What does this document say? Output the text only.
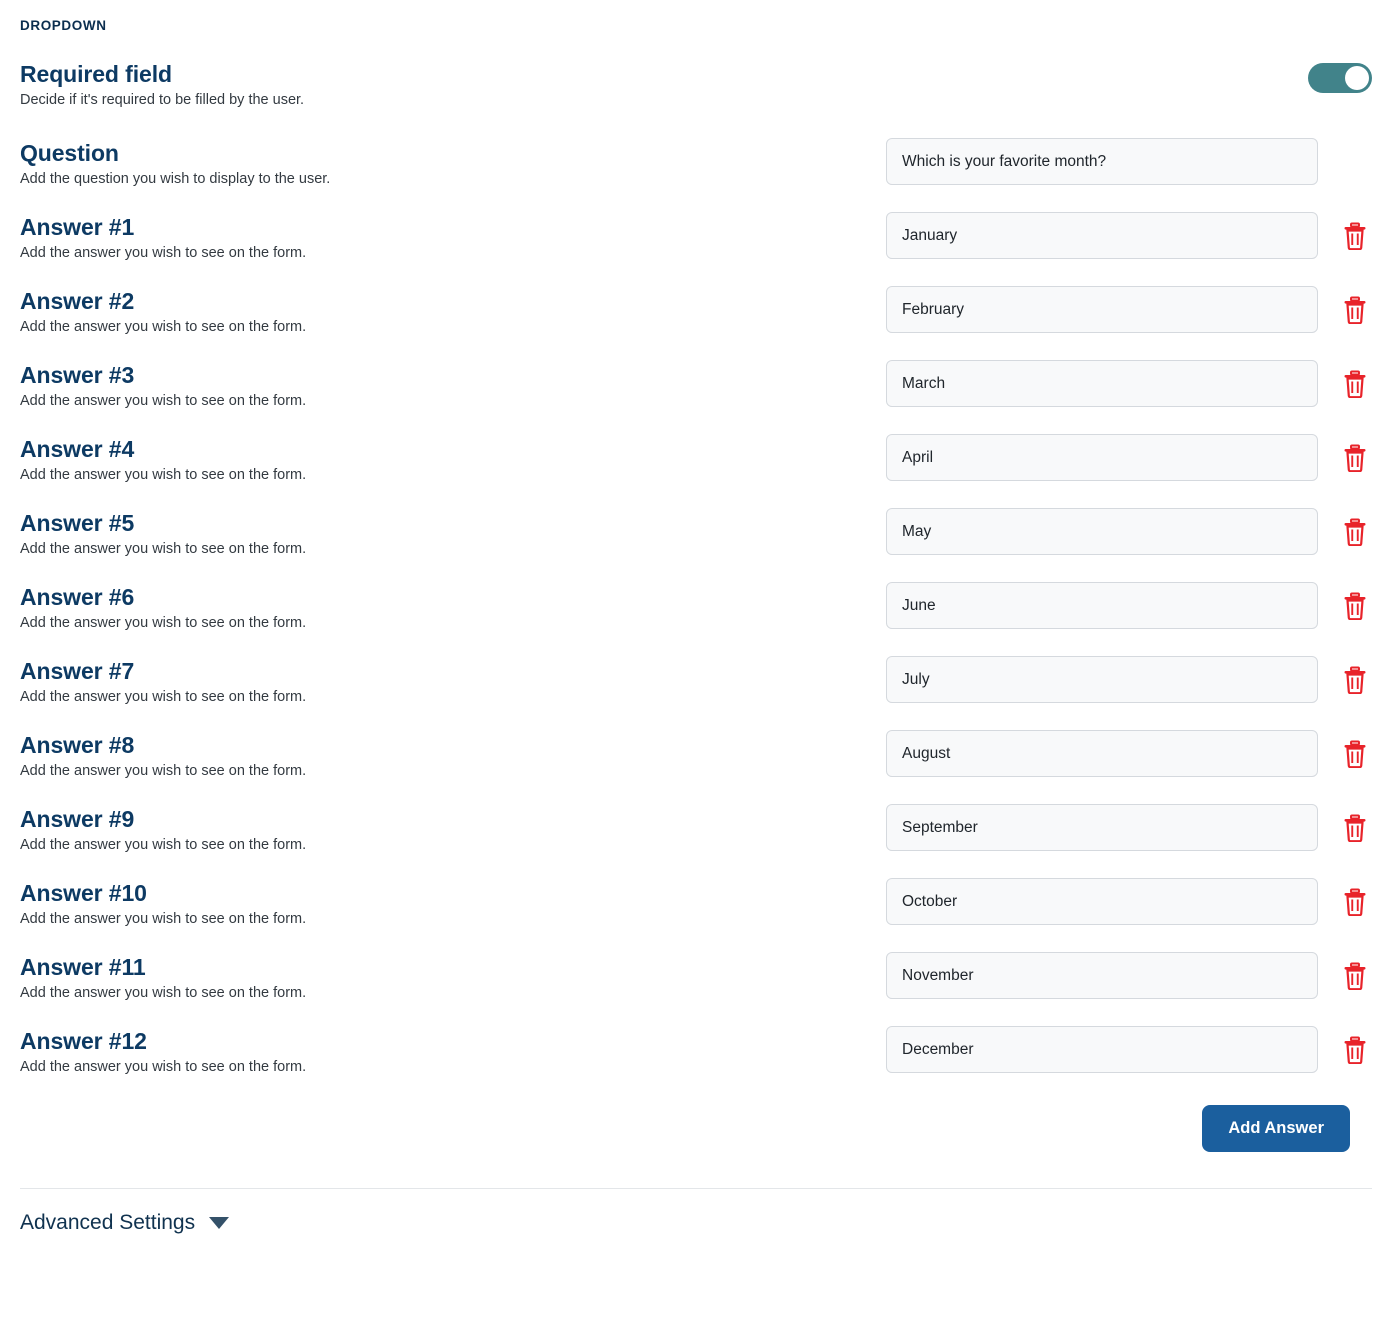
DROPDOWN
Required field
Decide if it's required to be filled by the user.
Question
Add the question you wish to display to the user.
Which is your favorite month?
Answer #1
Add the answer you wish to see on the form.
January
Answer #2
Add the answer you wish to see on the form.
February
Answer #3
Add the answer you wish to see on the form.
March
Answer #4
Add the answer you wish to see on the form.
April
Answer #5
Add the answer you wish to see on the form.
May
Answer #6
Add the answer you wish to see on the form.
June
Answer #7
Add the answer you wish to see on the form.
July
Answer #8
Add the answer you wish to see on the form.
August
Answer #9
Add the answer you wish to see on the form.
September
Answer #10
Add the answer you wish to see on the form.
October
Answer #11
Add the answer you wish to see on the form.
November
Answer #12
Add the answer you wish to see on the form.
December
Add Answer
Advanced Settings
